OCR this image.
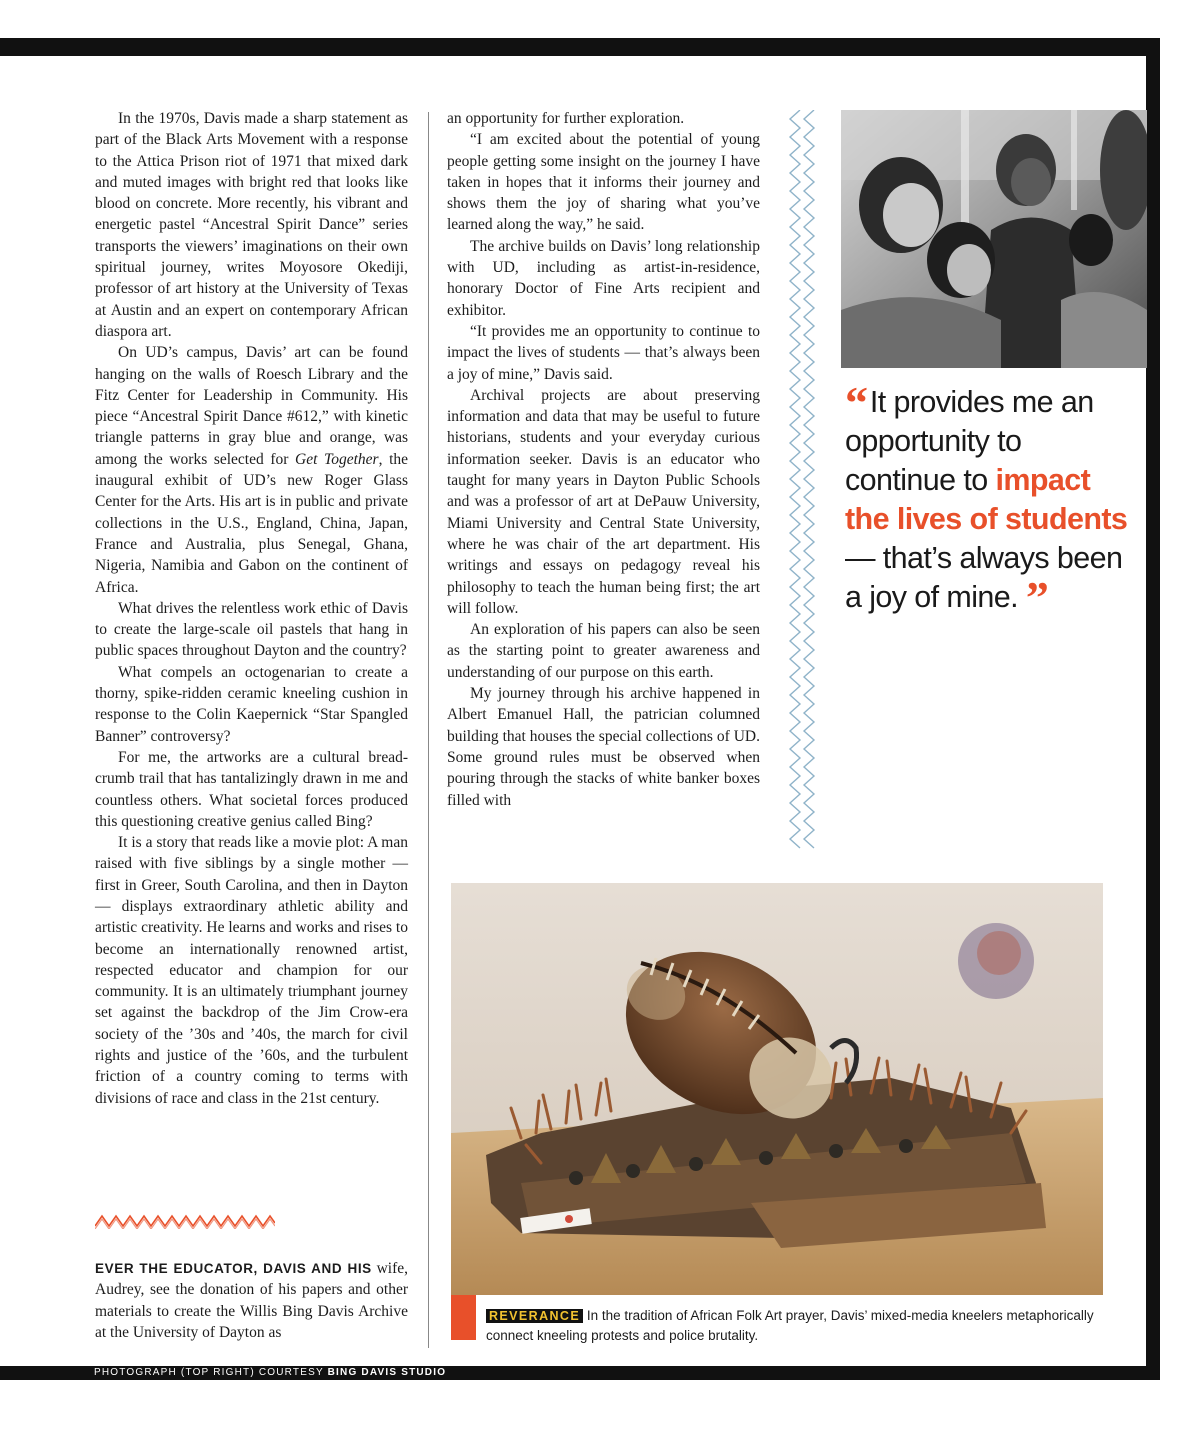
PHOTOGRAPH (TOP RIGHT) COURTESY BING DAVIS STUDIO

In the 1970s, Davis made a sharp statement as part of the Black Arts Movement with a response to the Attica Prison riot of 1971 that mixed dark and muted images with bright red that looks like blood on concrete. More recently, his vibrant and energetic pastel “Ancestral Spirit Dance” series transports the viewers’ imaginations on their own spiritual journey, writes Moyosore Okediji, professor of art history at the University of Texas at Austin and an expert on contemporary African diaspora art.

On UD’s campus, Davis’ art can be found hanging on the walls of Roesch Library and the Fitz Center for Leadership in Community. His piece “Ancestral Spirit Dance #612,” with kinetic triangle patterns in gray blue and orange, was among the works selected for Get Together, the inaugural exhibit of UD’s new Roger Glass Center for the Arts. His art is in public and private collections in the U.S., England, China, Japan, France and Australia, plus Senegal, Ghana, Nigeria, Namibia and Gabon on the continent of Africa.

What drives the relentless work ethic of Davis to create the large-scale oil pastels that hang in public spaces throughout Dayton and the country?

What compels an octogenarian to create a thorny, spike-ridden ceramic kneeling cushion in response to the Colin Kaepernick “Star Spangled Banner” controversy?

For me, the artworks are a cultural breadcrumb trail that has tantalizingly drawn in me and countless others. What societal forces produced this questioning creative genius called Bing?

It is a story that reads like a movie plot: A man raised with five siblings by a single mother — first in Greer, South Carolina, and then in Dayton — displays extraordinary athletic ability and artistic creativity. He learns and works and rises to become an internationally renowned artist, respected educator and champion for our community. It is an ultimately triumphant journey set against the backdrop of the Jim Crow-era society of the ’30s and ’40s, the march for civil rights and justice of the ’60s, and the turbulent friction of a country coming to terms with divisions of race and class in the 21st century.

EVER THE EDUCATOR, DAVIS AND HIS wife, Audrey, see the donation of his papers and other materials to create the Willis Bing Davis Archive at the University of Dayton as

an opportunity for further exploration.

“I am excited about the potential of young people getting some insight on the journey I have taken in hopes that it informs their journey and shows them the joy of sharing what you’ve learned along the way,” he said.

The archive builds on Davis’ long relationship with UD, including as artist-in-residence, honorary Doctor of Fine Arts recipient and exhibitor.

“It provides me an opportunity to continue to impact the lives of students — that’s always been a joy of mine,” Davis said.

Archival projects are about preserving information and data that may be useful to future historians, students and your everyday curious information seeker. Davis is an educator who taught for many years in Dayton Public Schools and was a professor of art at DePauw University, Miami University and Central State University, where he was chair of the art department. His writings and essays on pedagogy reveal his philosophy to teach the human being first; the art will follow.

An exploration of his papers can also be seen as the starting point to greater awareness and understanding of our purpose on this earth.

My journey through his archive happened in Albert Emanuel Hall, the patrician columned building that houses the special collections of UD. Some ground rules must be observed when pouring through the stacks of white banker boxes filled with

“ It provides me an opportunity to continue to impact the lives of students — that’s always been a joy of mine. ”
REVERANCE In the tradition of African Folk Art prayer, Davis’ mixed-media kneelers metaphorically connect kneeling protests and police brutality.
